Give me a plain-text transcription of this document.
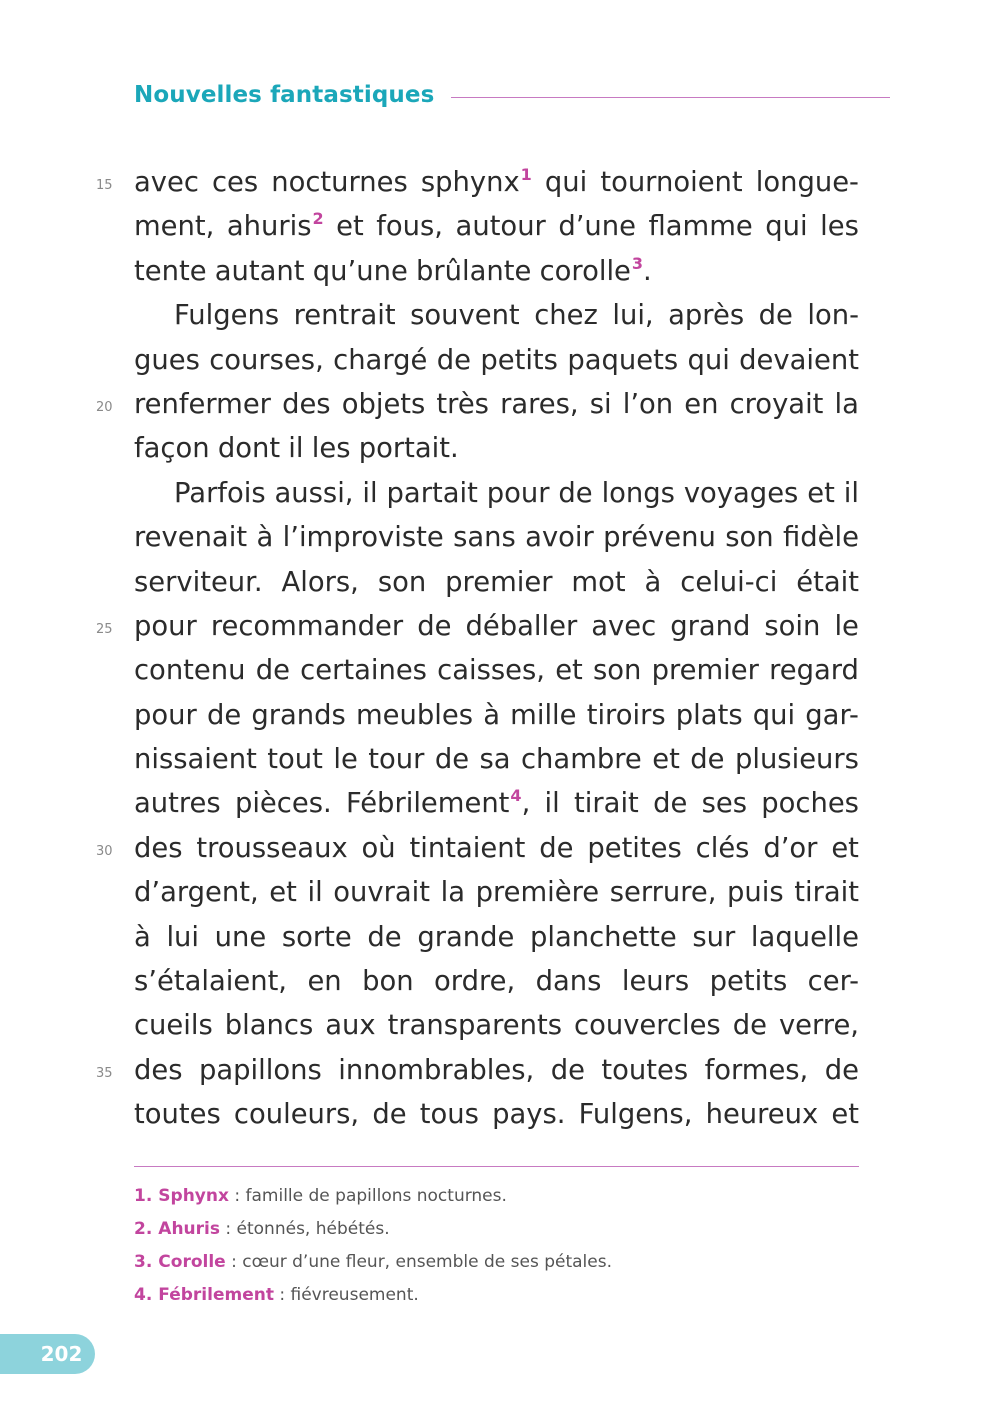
Nouvelles fantastiques
15 avec ces nocturnes sphynx$^1$ qui tournoient longue-
ment, ahuris$^2$ et fous, autour d’une flamme qui les
tente autant qu’une brûlante corolle$^3$.
Fulgens rentrait souvent chez lui, après de lon-
gues courses, chargé de petits paquets qui devaient
20 renfermer des objets très rares, si l’on en croyait la
façon dont il les portait.
Parfois aussi, il partait pour de longs voyages et il
revenait à l’improviste sans avoir prévenu son fidèle
serviteur. Alors, son premier mot à celui-ci était
25 pour recommander de déballer avec grand soin le
contenu de certaines caisses, et son premier regard
pour de grands meubles à mille tiroirs plats qui gar-
nissaient tout le tour de sa chambre et de plusieurs
autres pièces. Fébrilement$^4$, il tirait de ses poches
30 des trousseaux où tintaient de petites clés d’or et
d’argent, et il ouvrait la première serrure, puis tirait
à lui une sorte de grande planchette sur laquelle
s’étalaient, en bon ordre, dans leurs petits cer-
cueils blancs aux transparents couvercles de verre,
35 des papillons innombrables, de toutes formes, de
toutes couleurs, de tous pays. Fulgens, heureux et
1. Sphynx : famille de papillons nocturnes.
2. Ahuris : étonnés, hébétés.
3. Corolle : cœur d’une fleur, ensemble de ses pétales.
4. Fébrilement : fiévreusement.
202
